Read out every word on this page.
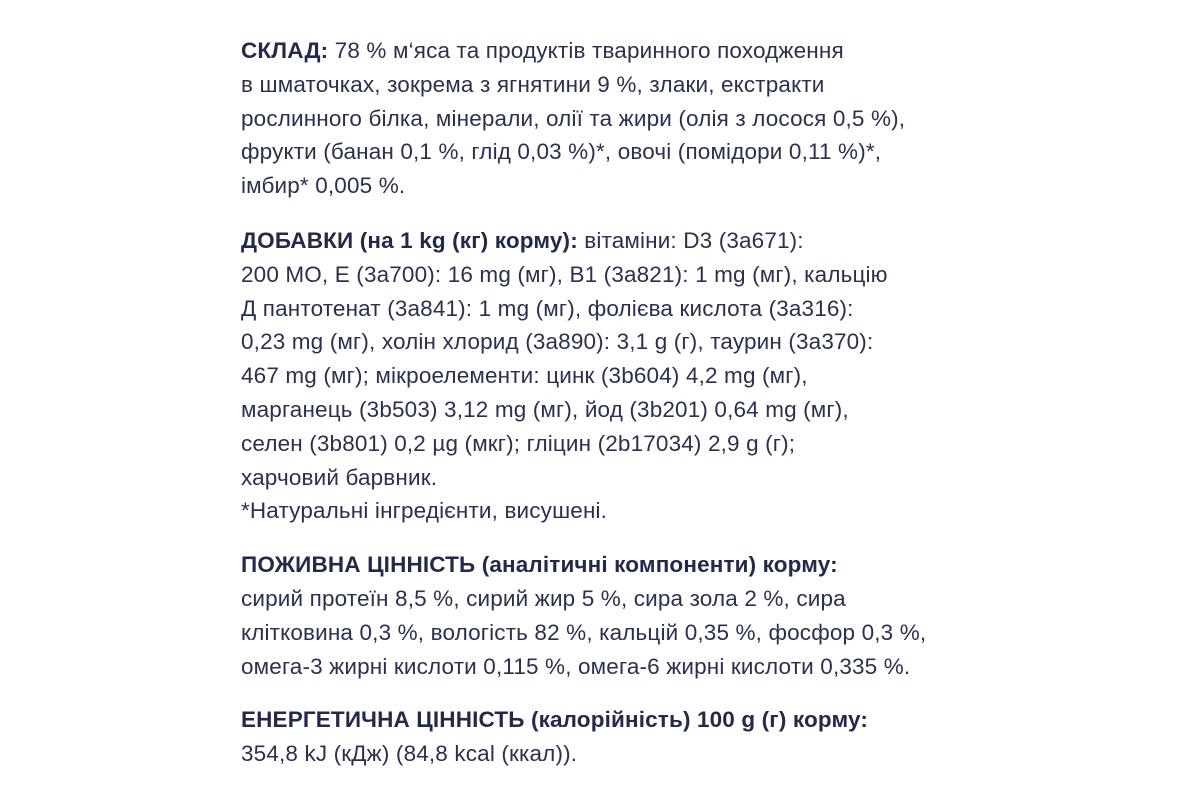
СКЛАД: 78 % м‘яса та продуктів тваринного походження
в шматочках, зокрема з ягнятини 9 %, злаки, екстракти
рослинного білка, мінерали, олії та жири (олія з лосося 0,5 %),
фрукти (банан 0,1 %, глід 0,03 %)*, овочі (помідори 0,11 %)*,
імбир* 0,005 %.
ДОБАВКИ (на 1 kg (кг) корму): вітаміни: D3 (3a671):
200 МО, E (3a700): 16 mg (мг), B1 (3a821): 1 mg (мг), кальцію
Д пантотенат (3a841): 1 mg (мг), фолієва кислота (3a316):
0,23 mg (мг), холін хлорид (3a890): 3,1 g (г), таурин (3a370):
467 mg (мг); мікроелементи: цинк (3b604) 4,2 mg (мг),
марганець (3b503) 3,12 mg (мг), йод (3b201) 0,64 mg (мг),
селен (3b801) 0,2 µg (мкг); гліцин (2b17034) 2,9 g (г);
харчовий барвник.
*Натуральні інгредієнти, висушені.
ПОЖИВНА ЦІННІСТЬ (аналітичні компоненти) корму:
сирий протеїн 8,5 %, сирий жир 5 %, сира зола 2 %, сира
клітковина 0,3 %, вологість 82 %, кальцій 0,35 %, фосфор 0,3 %,
омега-3 жирні кислоти 0,115 %, омега-6 жирні кислоти 0,335 %.
ЕНЕРГЕТИЧНА ЦІННІСТЬ (калорійність) 100 g (г) корму:
354,8 kJ (кДж) (84,8 kcal (ккал)).
